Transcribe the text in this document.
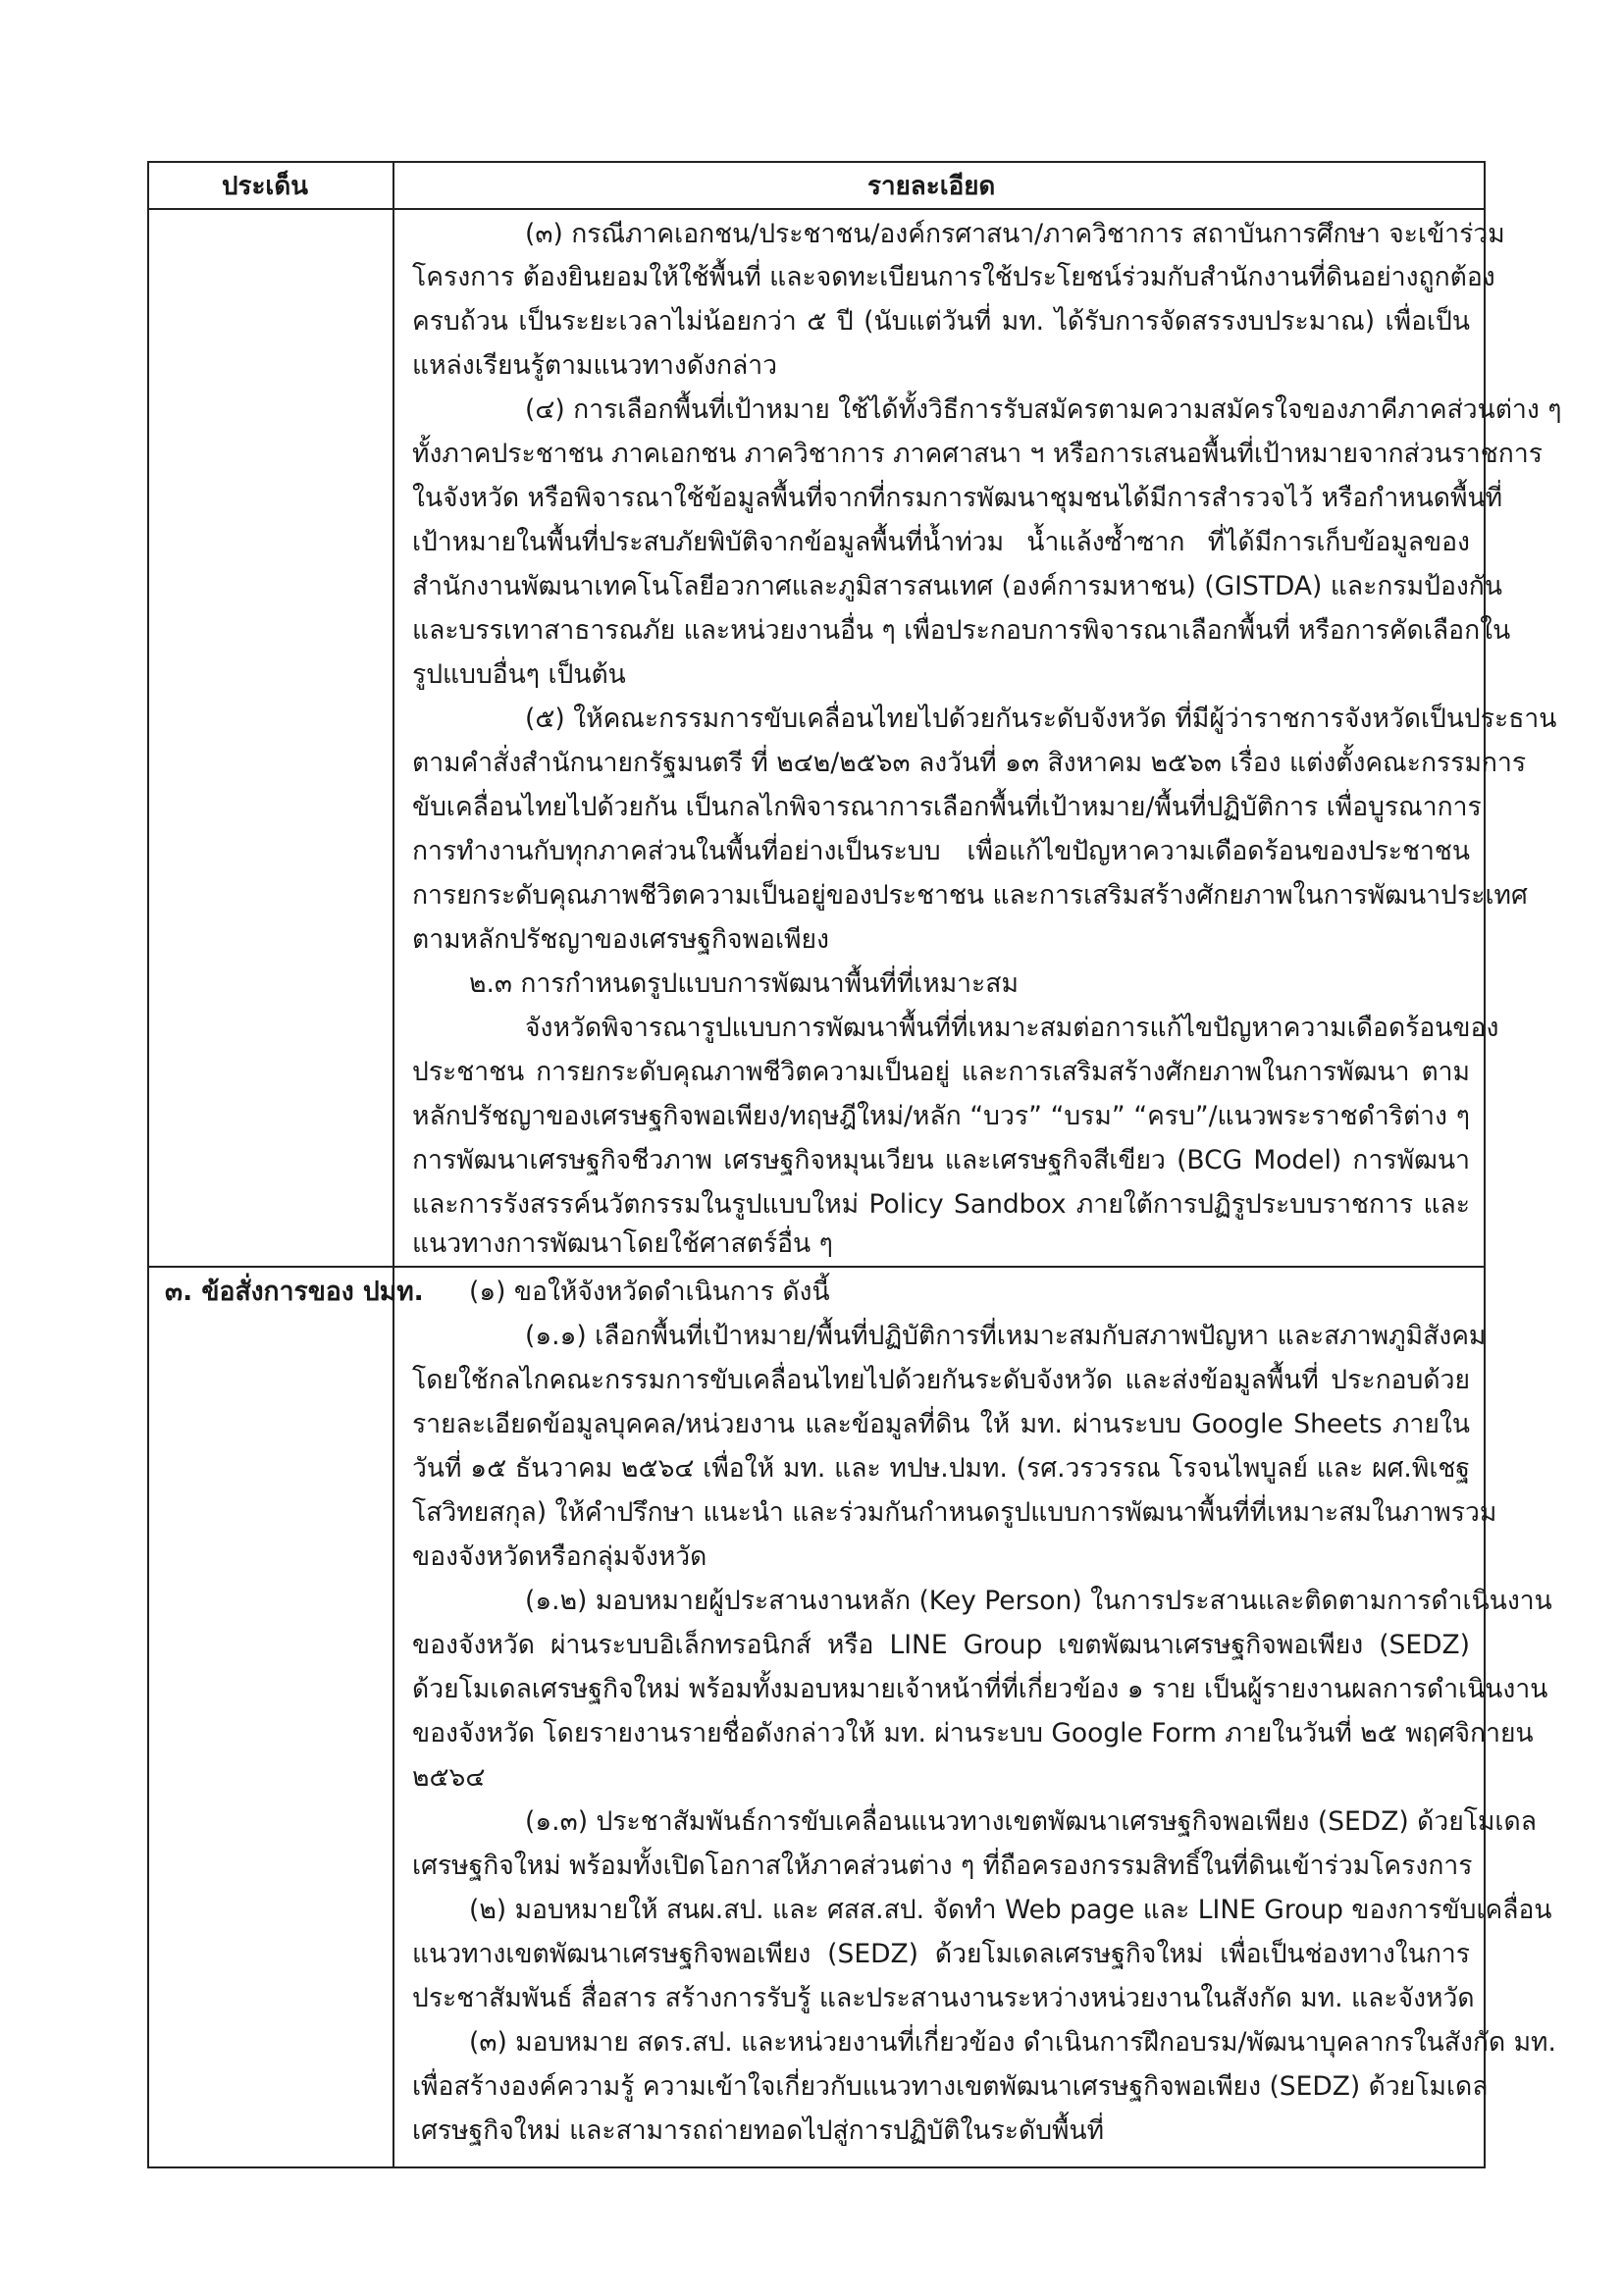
ประเด็น	รายละเอียด
(๓) กรณีภาคเอกชน/ประชาชน/องค์กรศาสนา/ภาควิชาการ สถาบันการศึกษา จะเข้าร่วม
โครงการ ต้องยินยอมให้ใช้พื้นที่ และจดทะเบียนการใช้ประโยชน์ร่วมกับสำนักงานที่ดินอย่างถูกต้อง
ครบถ้วน เป็นระยะเวลาไม่น้อยกว่า ๕ ปี (นับแต่วันที่ มท. ได้รับการจัดสรรงบประมาณ) เพื่อเป็น
แหล่งเรียนรู้ตามแนวทางดังกล่าว
(๔) การเลือกพื้นที่เป้าหมาย ใช้ได้ทั้งวิธีการรับสมัครตามความสมัครใจของภาคีภาคส่วนต่าง ๆ
ทั้งภาคประชาชน ภาคเอกชน ภาควิชาการ ภาคศาสนา ฯ หรือการเสนอพื้นที่เป้าหมายจากส่วนราชการ
ในจังหวัด หรือพิจารณาใช้ข้อมูลพื้นที่จากที่กรมการพัฒนาชุมชนได้มีการสำรวจไว้ หรือกำหนดพื้นที่
เป้าหมายในพื้นที่ประสบภัยพิบัติจากข้อมูลพื้นที่น้ำท่วม น้ำแล้งซ้ำซาก ที่ได้มีการเก็บข้อมูลของ
สำนักงานพัฒนาเทคโนโลยีอวกาศและภูมิสารสนเทศ (องค์การมหาชน) (GISTDA) และกรมป้องกัน
และบรรเทาสาธารณภัย และหน่วยงานอื่น ๆ เพื่อประกอบการพิจารณาเลือกพื้นที่ หรือการคัดเลือกใน
รูปแบบอื่นๆ เป็นต้น
(๕) ให้คณะกรรมการขับเคลื่อนไทยไปด้วยกันระดับจังหวัด ที่มีผู้ว่าราชการจังหวัดเป็นประธาน
ตามคำสั่งสำนักนายกรัฐมนตรี ที่ ๒๔๒/๒๕๖๓ ลงวันที่ ๑๓ สิงหาคม ๒๕๖๓ เรื่อง แต่งตั้งคณะกรรมการ
ขับเคลื่อนไทยไปด้วยกัน เป็นกลไกพิจารณาการเลือกพื้นที่เป้าหมาย/พื้นที่ปฏิบัติการ เพื่อบูรณาการ
การทำงานกับทุกภาคส่วนในพื้นที่อย่างเป็นระบบ เพื่อแก้ไขปัญหาความเดือดร้อนของประชาชน
การยกระดับคุณภาพชีวิตความเป็นอยู่ของประชาชน และการเสริมสร้างศักยภาพในการพัฒนาประเทศ
ตามหลักปรัชญาของเศรษฐกิจพอเพียง
๒.๓ การกำหนดรูปแบบการพัฒนาพื้นที่ที่เหมาะสม
จังหวัดพิจารณารูปแบบการพัฒนาพื้นที่ที่เหมาะสมต่อการแก้ไขปัญหาความเดือดร้อนของ
ประชาชน การยกระดับคุณภาพชีวิตความเป็นอยู่ และการเสริมสร้างศักยภาพในการพัฒนา ตาม
หลักปรัชญาของเศรษฐกิจพอเพียง/ทฤษฎีใหม่/หลัก “บวร” “บรม” “ครบ”/แนวพระราชดำริต่าง ๆ
การพัฒนาเศรษฐกิจชีวภาพ เศรษฐกิจหมุนเวียน และเศรษฐกิจสีเขียว (BCG Model) การพัฒนา
และการรังสรรค์นวัตกรรมในรูปแบบใหม่ Policy Sandbox ภายใต้การปฏิรูประบบราชการ และ
แนวทางการพัฒนาโดยใช้ศาสตร์อื่น ๆ
๓. ข้อสั่งการของ ปมท. (๑) ขอให้จังหวัดดำเนินการ ดังนี้
(๑.๑) เลือกพื้นที่เป้าหมาย/พื้นที่ปฏิบัติการที่เหมาะสมกับสภาพปัญหา และสภาพภูมิสังคม
โดยใช้กลไกคณะกรรมการขับเคลื่อนไทยไปด้วยกันระดับจังหวัด และส่งข้อมูลพื้นที่ ประกอบด้วย
รายละเอียดข้อมูลบุคคล/หน่วยงาน และข้อมูลที่ดิน ให้ มท. ผ่านระบบ Google Sheets ภายใน
วันที่ ๑๕ ธันวาคม ๒๕๖๔ เพื่อให้ มท. และ ทปษ.ปมท. (รศ.วรวรรณ โรจนไพบูลย์ และ ผศ.พิเชฐ
โสวิทยสกุล) ให้คำปรึกษา แนะนำ และร่วมกันกำหนดรูปแบบการพัฒนาพื้นที่ที่เหมาะสมในภาพรวม
ของจังหวัดหรือกลุ่มจังหวัด
(๑.๒) มอบหมายผู้ประสานงานหลัก (Key Person) ในการประสานและติดตามการดำเนินงาน
ของจังหวัด ผ่านระบบอิเล็กทรอนิกส์ หรือ LINE Group เขตพัฒนาเศรษฐกิจพอเพียง (SEDZ)
ด้วยโมเดลเศรษฐกิจใหม่ พร้อมทั้งมอบหมายเจ้าหน้าที่ที่เกี่ยวข้อง ๑ ราย เป็นผู้รายงานผลการดำเนินงาน
ของจังหวัด โดยรายงานรายชื่อดังกล่าวให้ มท. ผ่านระบบ Google Form ภายในวันที่ ๒๕ พฤศจิกายน
๒๕๖๔
(๑.๓) ประชาสัมพันธ์การขับเคลื่อนแนวทางเขตพัฒนาเศรษฐกิจพอเพียง (SEDZ) ด้วยโมเดล
เศรษฐกิจใหม่ พร้อมทั้งเปิดโอกาสให้ภาคส่วนต่าง ๆ ที่ถือครองกรรมสิทธิ์ในที่ดินเข้าร่วมโครงการ
(๒) มอบหมายให้ สนผ.สป. และ ศสส.สป. จัดทำ Web page และ LINE Group ของการขับเคลื่อน
แนวทางเขตพัฒนาเศรษฐกิจพอเพียง (SEDZ) ด้วยโมเดลเศรษฐกิจใหม่ เพื่อเป็นช่องทางในการ
ประชาสัมพันธ์ สื่อสาร สร้างการรับรู้ และประสานงานระหว่างหน่วยงานในสังกัด มท. และจังหวัด
(๓) มอบหมาย สดร.สป. และหน่วยงานที่เกี่ยวข้อง ดำเนินการฝึกอบรม/พัฒนาบุคลากรในสังกัด มท.
เพื่อสร้างองค์ความรู้ ความเข้าใจเกี่ยวกับแนวทางเขตพัฒนาเศรษฐกิจพอเพียง (SEDZ) ด้วยโมเดล
เศรษฐกิจใหม่ และสามารถถ่ายทอดไปสู่การปฏิบัติในระดับพื้นที่
